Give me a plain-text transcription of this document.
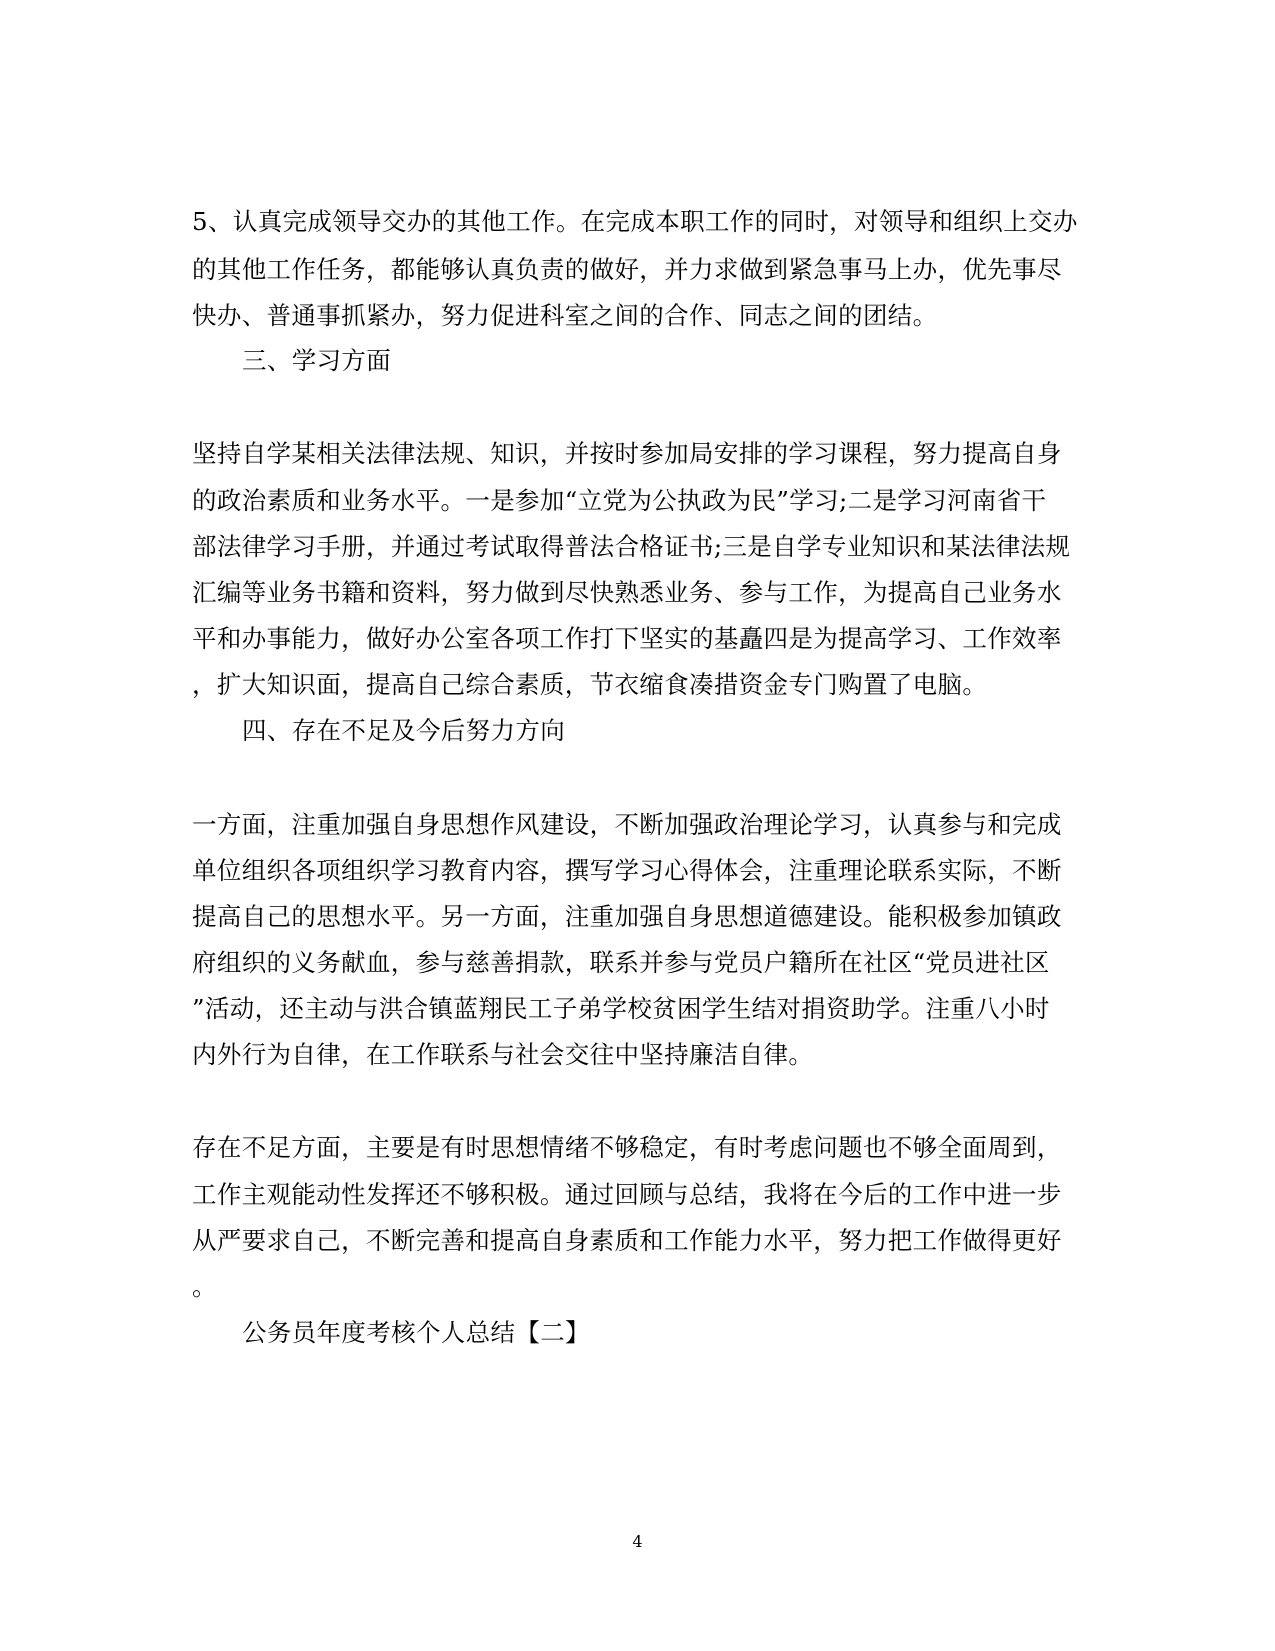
5、认真完成领导交办的其他工作。在完成本职工作的同时，对领导和组织上交办
的其他工作任务，都能够认真负责的做好，并力求做到紧急事马上办，优先事尽
快办、普通事抓紧办，努力促进科室之间的合作、同志之间的团结。
三、学习方面
坚持自学某相关法律法规、知识，并按时参加局安排的学习课程，努力提高自身
的政治素质和业务水平。一是参加“立党为公执政为民”学习;二是学习河南省干
部法律学习手册，并通过考试取得普法合格证书;三是自学专业知识和某法律法规
汇编等业务书籍和资料，努力做到尽快熟悉业务、参与工作，为提高自己业务水
平和办事能力，做好办公室各项工作打下坚实的基矗四是为提高学习、工作效率
，扩大知识面，提高自己综合素质，节衣缩食凑措资金专门购置了电脑。
四、存在不足及今后努力方向
一方面，注重加强自身思想作风建设，不断加强政治理论学习，认真参与和完成
单位组织各项组织学习教育内容，撰写学习心得体会，注重理论联系实际，不断
提高自己的思想水平。另一方面，注重加强自身思想道德建设。能积极参加镇政
府组织的义务献血，参与慈善捐款，联系并参与党员户籍所在社区“党员进社区
”活动，还主动与洪合镇蓝翔民工子弟学校贫困学生结对捐资助学。注重八小时
内外行为自律，在工作联系与社会交往中坚持廉洁自律。
存在不足方面，主要是有时思想情绪不够稳定，有时考虑问题也不够全面周到，
工作主观能动性发挥还不够积极。通过回顾与总结，我将在今后的工作中进一步
从严要求自己，不断完善和提高自身素质和工作能力水平，努力把工作做得更好
。
公务员年度考核个人总结【二】
4
